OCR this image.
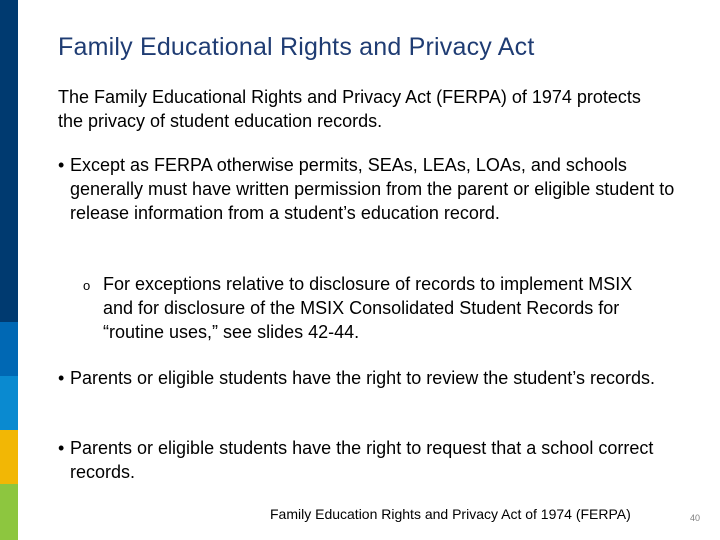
Family Educational Rights and Privacy Act
The Family Educational Rights and Privacy Act (FERPA) of 1974 protects the privacy of student education records.
• Except as FERPA otherwise permits, SEAs, LEAs, LOAs, and schools generally must have written permission from the parent or eligible student to release information from a student’s education record.
o For exceptions relative to disclosure of records to implement MSIX and for disclosure of the MSIX Consolidated Student Records for “routine uses,” see slides 42-44.
• Parents or eligible students have the right to review the student’s records.
• Parents or eligible students have the right to request that a school correct records.
Family Education Rights and Privacy Act of 1974 (FERPA)	40
